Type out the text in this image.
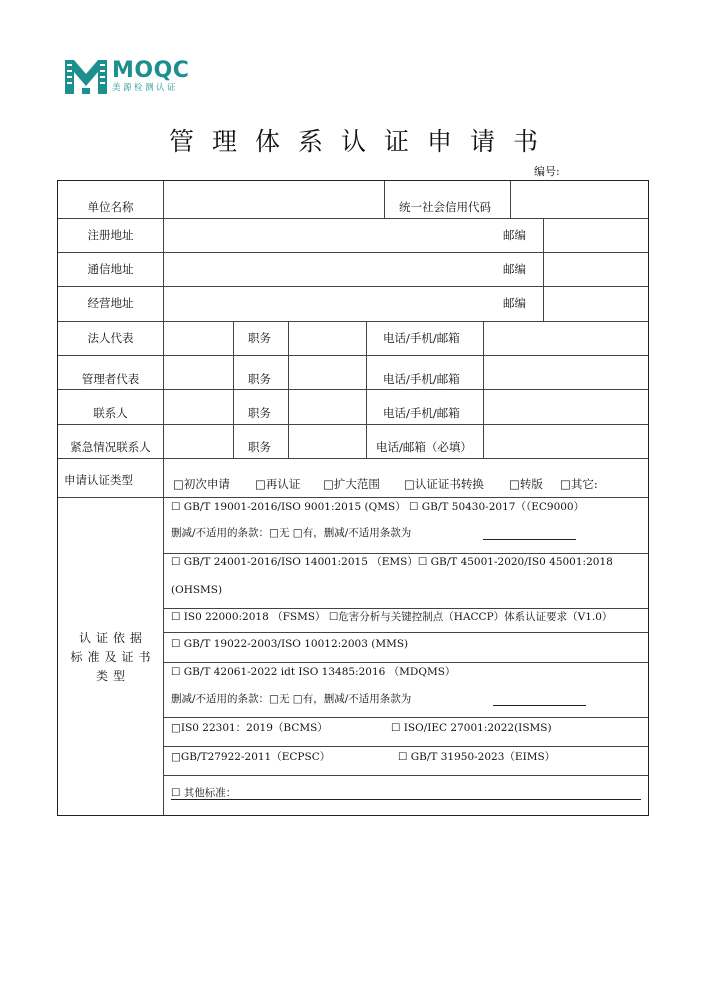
MOQC
美源检测认证
管理体系认证申请书
编号:
单位名称	统一社会信用代码
注册地址	邮编
通信地址	邮编
经营地址	邮编
法人代表	职务	电话/手机/邮箱
管理者代表	职务	电话/手机/邮箱
联系人	职务	电话/手机/邮箱
紧急情况联系人	职务	电话/邮箱（必填）
申请认证类型	□初次申请 □再认证 □扩大范围 □认证证书转换 □转版 □其它:
认证依据
标准及证书
类型
☐ GB/T 19001-2016/ISO 9001:2015 (QMS） ☐ GB/T 50430-2017（（EC9000）
删减/不适用的条款：□无 □有，删减/不适用条款为
☐ GB/T 24001-2016/ISO 14001:2015 （EMS）☐ GB/T 45001-2020/IS0 45001:2018
(OHSMS)
☐ IS0 22000:2018 （FSMS） ☐危害分析与关键控制点（HACCP）体系认证要求（V1.0）
☐ GB/T 19022-2003/ISO 10012:2003 (MMS)
☐ GB/T 42061-2022 idt ISO 13485:2016 （MDQMS）
删减/不适用的条款：□无 □有，删减/不适用条款为
□IS0 22301：2019（BCMS）	☐ ISO/IEC 27001:2022(ISMS)
□GB/T27922-2011（ECPSC）	☐ GB/T 31950-2023（EIMS）
☐ 其他标准：
